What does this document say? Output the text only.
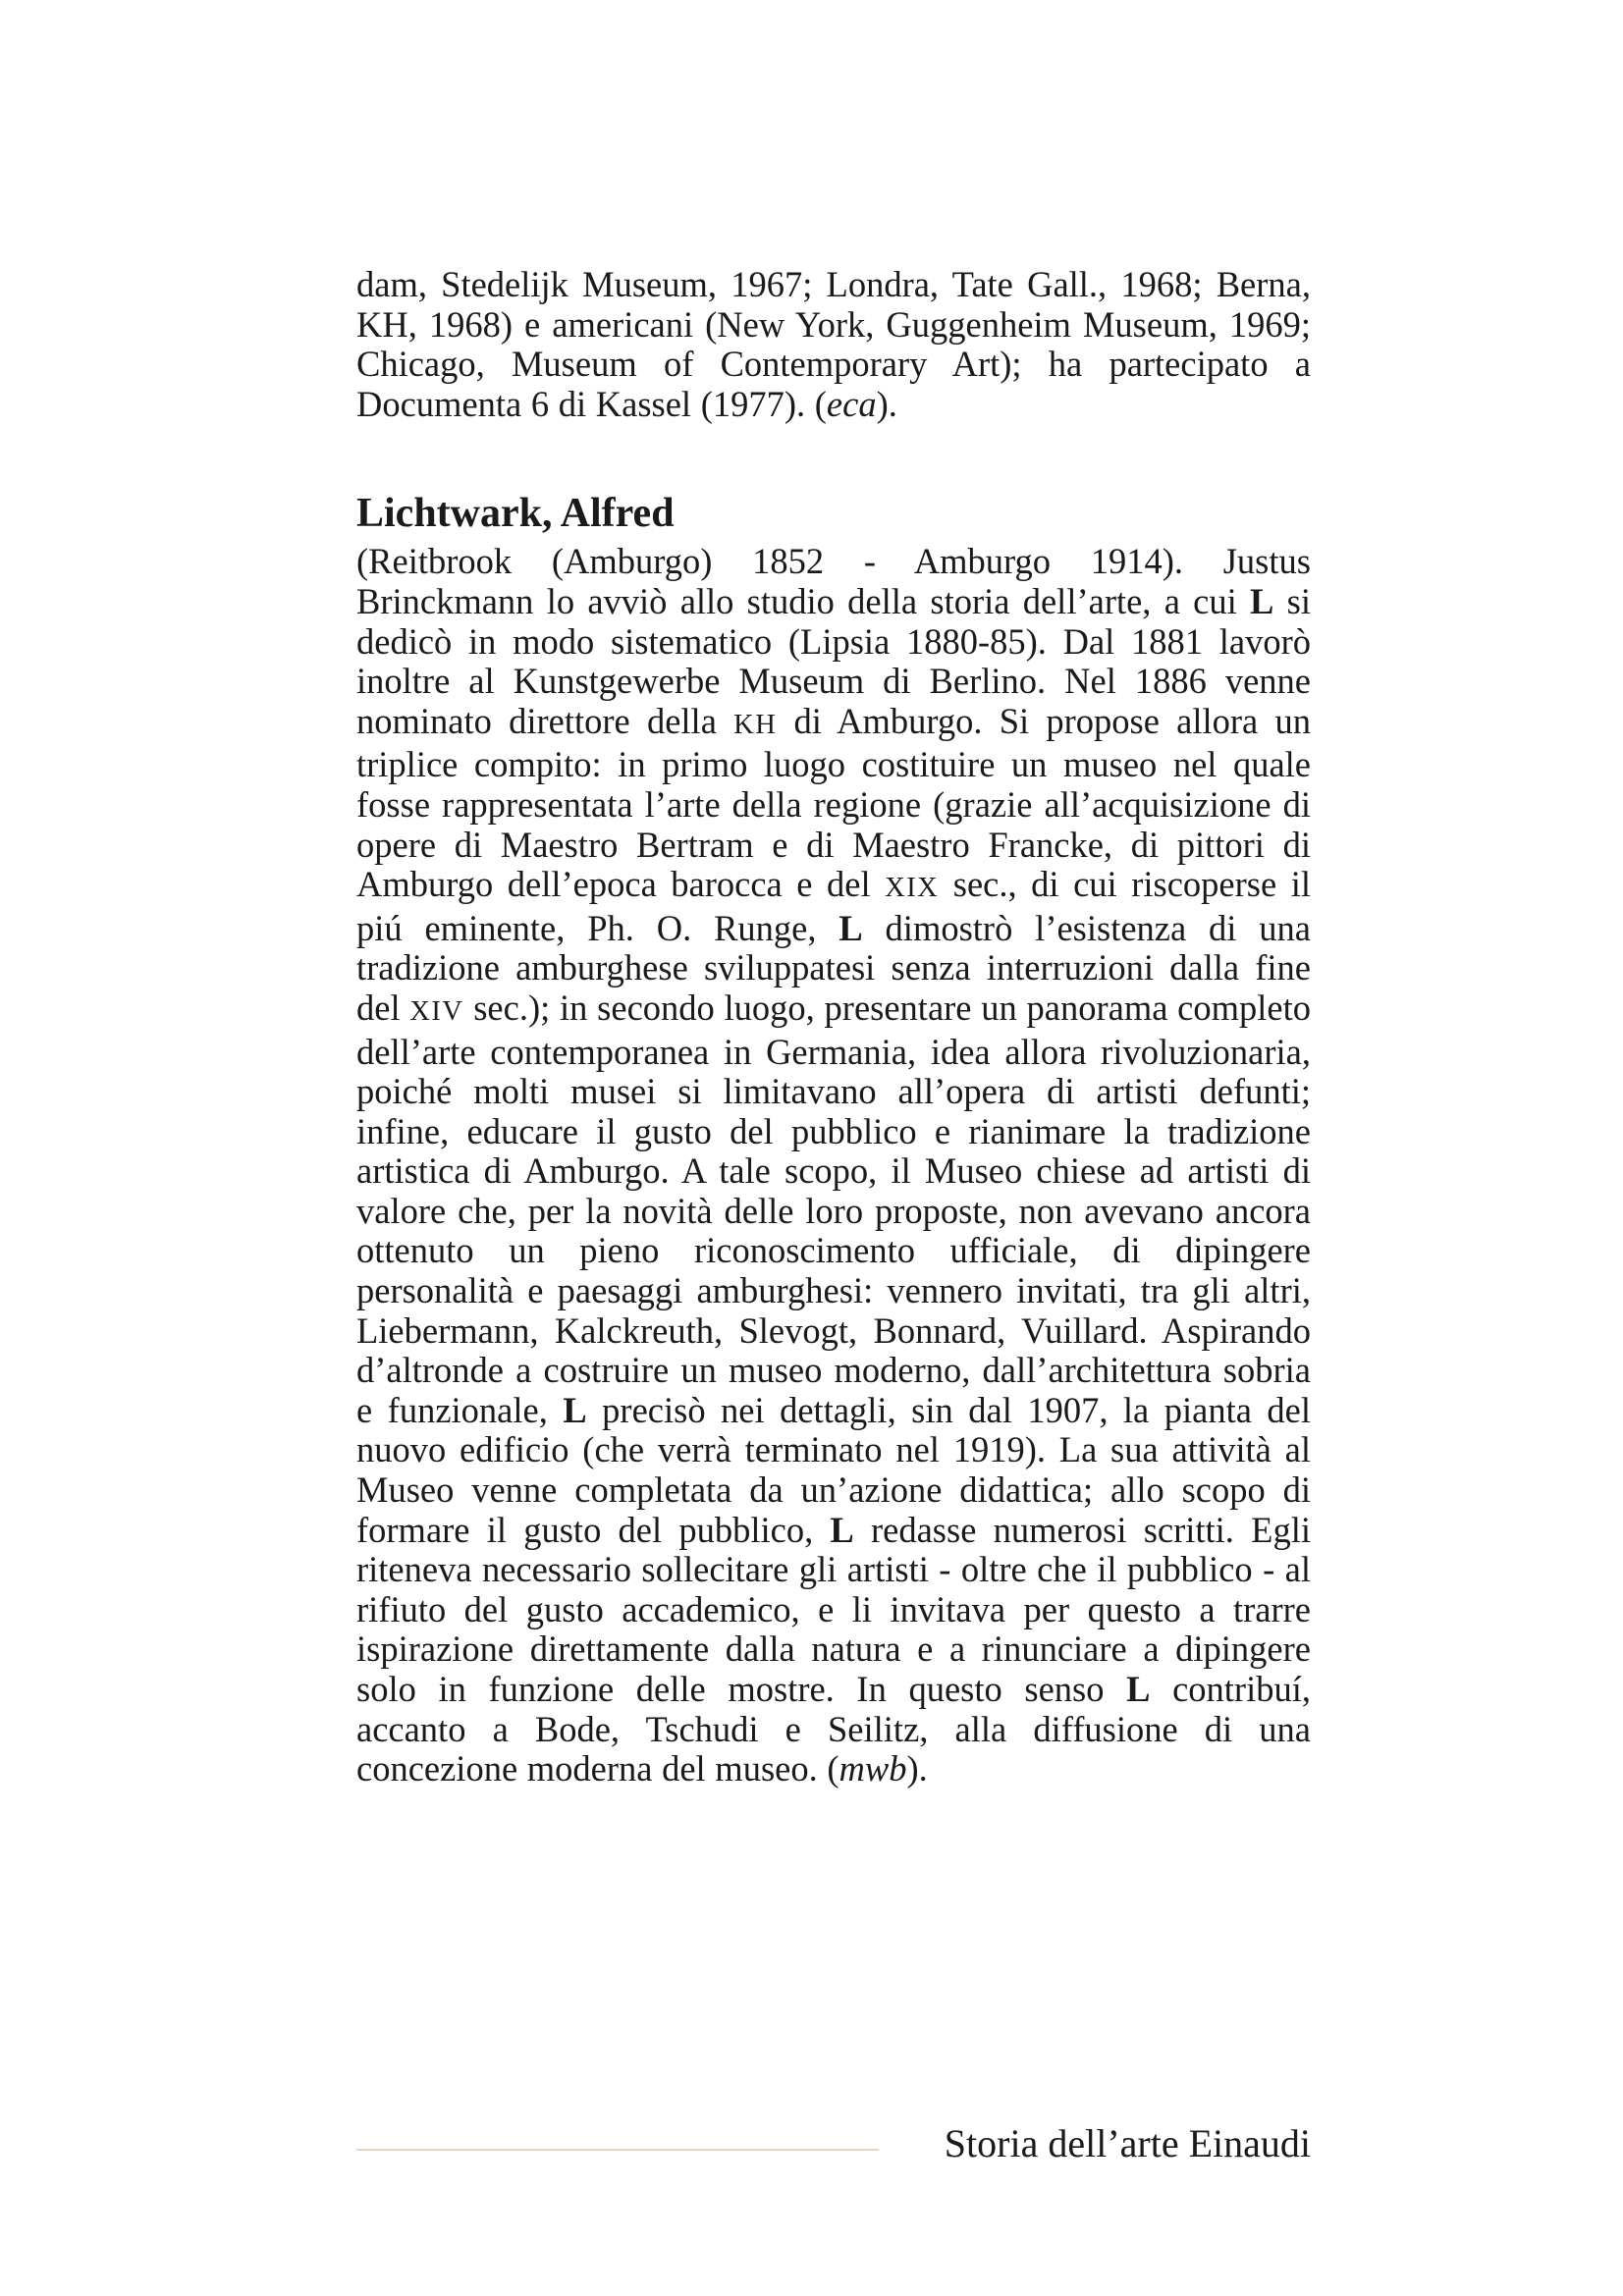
dam, Stedelijk Museum, 1967; Londra, Tate Gall., 1968; Berna, KH, 1968) e americani (New York, Guggenheim Museum, 1969; Chicago, Museum of Contemporary Art); ha partecipato a Documenta 6 di Kassel (1977). (eca).

Lichtwark, Alfred

(Reitbrook (Amburgo) 1852 - Amburgo 1914). Justus Brinckmann lo avviò allo studio della storia dell’arte, a cui L si dedicò in modo sistematico (Lipsia 1880-85). Dal 1881 lavorò inoltre al Kunstgewerbe Museum di Berlino. Nel 1886 venne nominato direttore della KH di Amburgo. Si propose allora un triplice compito: in primo luogo costituire un museo nel quale fosse rappresentata l’arte della regione (grazie all’acquisizione di opere di Maestro Bertram e di Maestro Francke, di pittori di Amburgo dell’epoca barocca e del XIX sec., di cui riscoperse il piú eminente, Ph. O. Runge, L dimostrò l’esistenza di una tradizione amburghese sviluppatesi senza interruzioni dalla fine del XIV sec.); in secondo luogo, presentare un panorama completo dell’arte contemporanea in Germania, idea allora rivoluzionaria, poiché molti musei si limitavano all’opera di artisti defunti; infine, educare il gusto del pubblico e rianimare la tradizione artistica di Amburgo. A tale scopo, il Museo chiese ad artisti di valore che, per la novità delle loro proposte, non avevano ancora ottenuto un pieno riconoscimento ufficiale, di dipingere personalità e paesaggi amburghesi: vennero invitati, tra gli altri, Liebermann, Kalckreuth, Slevogt, Bonnard, Vuillard. Aspirando d’altronde a costruire un museo moderno, dall’architettura sobria e funzionale, L precisò nei dettagli, sin dal 1907, la pianta del nuovo edificio (che verrà terminato nel 1919). La sua attività al Museo venne completata da un’azione didattica; allo scopo di formare il gusto del pubblico, L redasse numerosi scritti. Egli riteneva necessario sollecitare gli artisti - oltre che il pubblico - al rifiuto del gusto accademico, e li invitava per questo a trarre ispirazione direttamente dalla natura e a rinunciare a dipingere solo in funzione delle mostre. In questo senso L contribuí, accanto a Bode, Tschudi e Seilitz, alla diffusione di una concezione moderna del museo. (mwb).

Storia dell’arte Einaudi
